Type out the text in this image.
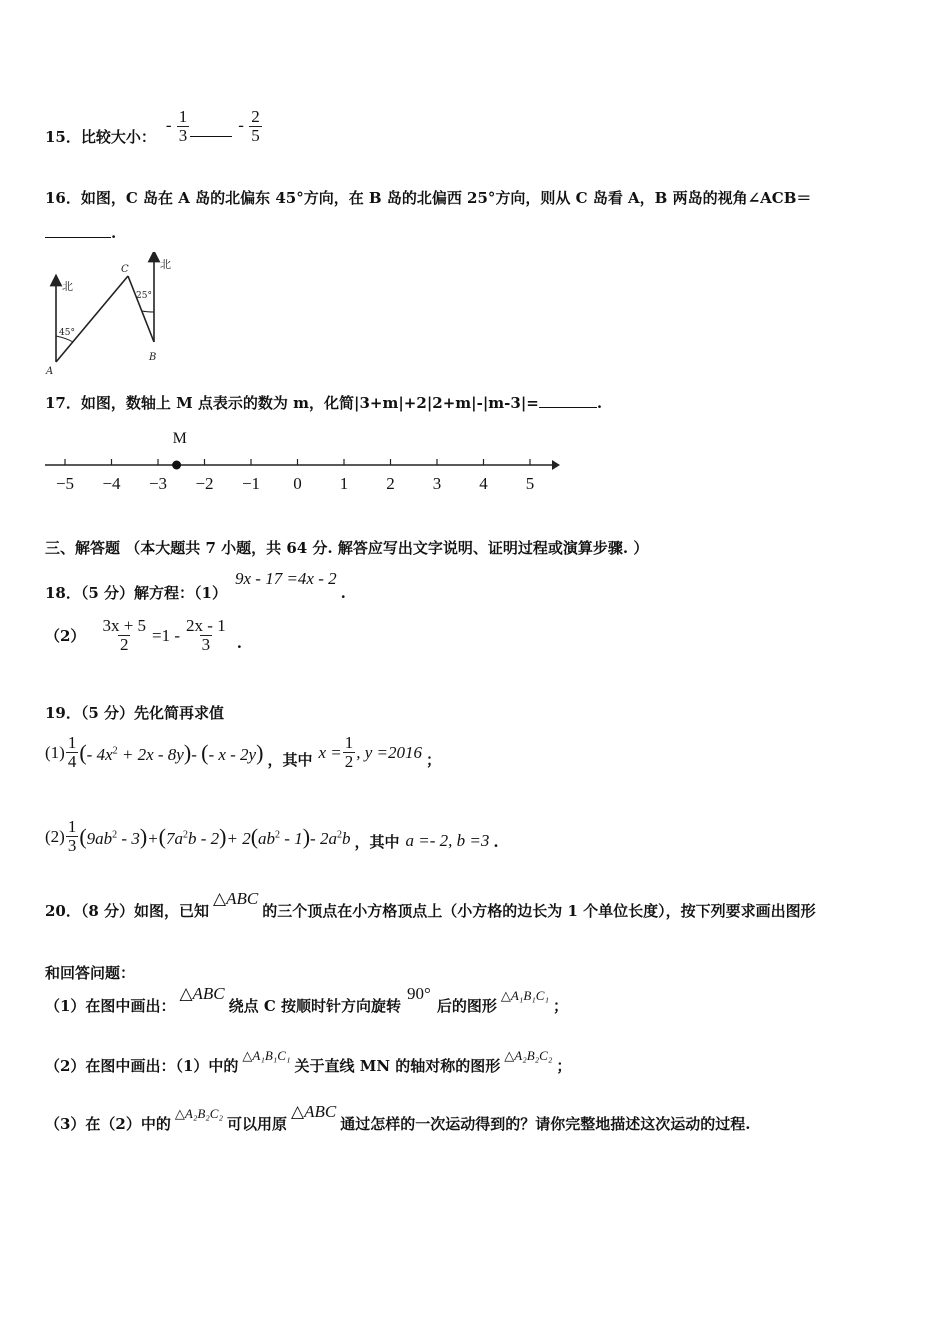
15．比较大小：
- $\frac{1}{3}$	- $\frac{2}{5}$
16．如图，C 岛在 A 岛的北偏东 45°方向，在 B 岛的北偏西 25°方向，则从 C 岛看 A，B 两岛的视角∠ACB＝
.
北
北
A
B
C
45°
25°
17．如图，数轴上 M 点表示的数为 m，化简|3+m|+2|2+m|-|m-3|=	.
M
−5 −4 −3 −2 −1 0 1 2 3 4 5
三、解答题 （本大题共 7 小题，共 64 分. 解答应写出文字说明、证明过程或演算步骤. ）
18．（5 分）解方程：（1）
9x - 17 =4x - 2
.
$(2) \frac{3x + 5}{2} =1 - \frac{2x - 1}{3}$ .
19．（5 分）先化简再求值
$(1) \frac{1}{4}$ (- $4x^2 + 2x - 8y)-$ (- x - 2y) ，其中 $x = \frac{1}{2}$ , y =2016 ；
$(2) \frac{1}{3} (9ab^2 - 3)+(7a^2b - 2)+ 2(ab^2 - 1)-$ $2a^2b$ ，其中 a =- 2, b =3 .
20．（8 分）如图，已知
△ABC
的三个顶点在小方格顶点上（小方格的边长为 1 个单位长度），按下列要求画出图形
和回答问题：
（1）在图中画出：
△ABC
绕点 C 按顺时针方向旋转
90°
后的图形
△A₁B₁C₁
；
（2）在图中画出：（1）中的
△A₁B₁C₁
关于直线 MN 的轴对称的图形
△A₂B₂C₂
；
（3）在（2）中的
△A₂B₂C₂
可以用原
△ABC
通过怎样的一次运动得到的？请你完整地描述这次运动的过程.
